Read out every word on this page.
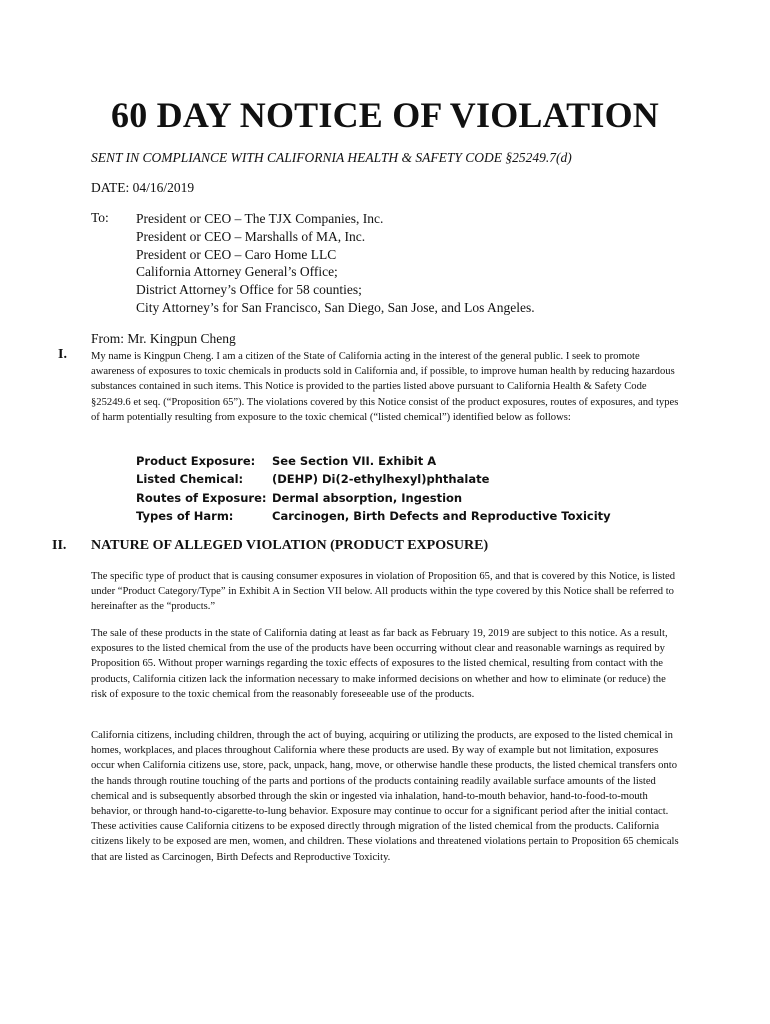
60 DAY NOTICE OF VIOLATION
SENT IN COMPLIANCE WITH CALIFORNIA HEALTH & SAFETY CODE §25249.7(d)
DATE: 04/16/2019
To: President or CEO – The TJX Companies, Inc.
President or CEO – Marshalls of MA, Inc.
President or CEO – Caro Home LLC
California Attorney General’s Office;
District Attorney’s Office for 58 counties;
City Attorney’s for San Francisco, San Diego, San Jose, and Los Angeles.
From: Mr. Kingpun Cheng
I. My name is Kingpun Cheng. I am a citizen of the State of California acting in the interest of the general public. I seek to promote awareness of exposures to toxic chemicals in products sold in California and, if possible, to improve human health by reducing hazardous substances contained in such items. This Notice is provided to the parties listed above pursuant to California Health & Safety Code §25249.6 et seq. (“Proposition 65”). The violations covered by this Notice consist of the product exposures, routes of exposures, and types of harm potentially resulting from exposure to the toxic chemical (“listed chemical”) identified below as follows:

Product Exposure:	See Section VII. Exhibit A
Listed Chemical:	(DEHP) Di(2-ethylhexyl)phthalate
Routes of Exposure: Dermal absorption, Ingestion
Types of Harm:	Carcinogen, Birth Defects and Reproductive Toxicity
II. NATURE OF ALLEGED VIOLATION (PRODUCT EXPOSURE)

The specific type of product that is causing consumer exposures in violation of Proposition 65, and that is covered by this Notice, is listed under “Product Category/Type” in Exhibit A in Section VII below. All products within the type covered by this Notice shall be referred to hereinafter as the “products.”

The sale of these products in the state of California dating at least as far back as February 19, 2019 are subject to this notice. As a result, exposures to the listed chemical from the use of the products have been occurring without clear and reasonable warnings as required by Proposition 65. Without proper warnings regarding the toxic effects of exposures to the listed chemical, resulting from contact with the products, California citizen lack the information necessary to make informed decisions on whether and how to eliminate (or reduce) the risk of exposure to the toxic chemical from the reasonably foreseeable use of the products.

California citizens, including children, through the act of buying, acquiring or utilizing the products, are exposed to the listed chemical in homes, workplaces, and places throughout California where these products are used. By way of example but not limitation, exposures occur when California citizens use, store, pack, unpack, hang, move, or otherwise handle these products, the listed chemical transfers onto the hands through routine touching of the parts and portions of the products containing readily available surface amounts of the listed chemical and is subsequently absorbed through the skin or ingested via inhalation, hand-to-mouth behavior, hand-to-food-to-mouth behavior, or through hand-to-cigarette-to-lung behavior. Exposure may continue to occur for a significant period after the initial contact. These activities cause California citizens to be exposed directly through migration of the listed chemical from the products. California citizens likely to be exposed are men, women, and children. These violations and threatened violations pertain to Proposition 65 chemicals that are listed as Carcinogen, Birth Defects and Reproductive Toxicity.
